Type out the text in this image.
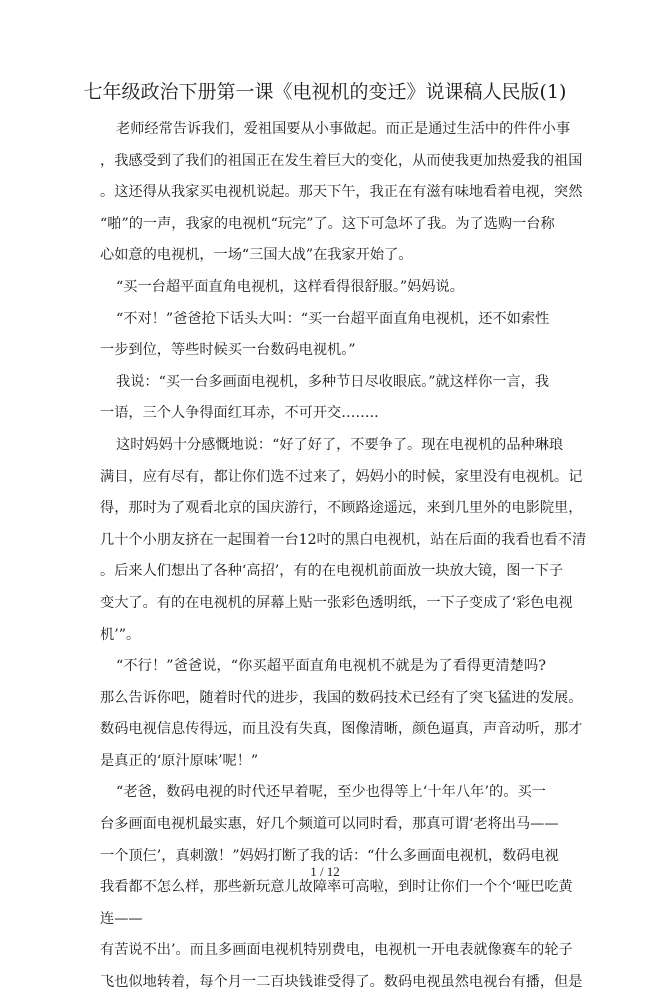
七年级政治下册第一课《电视机的变迁》说课稿人民版(1)
老师经常告诉我们，爱祖国要从小事做起。而正是通过生活中的件件小事
，我感受到了我们的祖国正在发生着巨大的变化，从而使我更加热爱我的祖国
。这还得从我家买电视机说起。那天下午，我正在有滋有味地看着电视，突然
“啪”的一声，我家的电视机“玩完”了。这下可急坏了我。为了选购一台称
心如意的电视机，一场“三国大战”在我家开始了。
“买一台超平面直角电视机，这样看得很舒服。”妈妈说。
“不对！”爸爸抢下话头大叫：“买一台超平面直角电视机，还不如索性
一步到位，等些时候买一台数码电视机。”
我说：“买一台多画面电视机，多种节日尽收眼底。”就这样你一言，我
一语，三个人争得面红耳赤，不可开交……..
这时妈妈十分感慨地说：“好了好了，不要争了。现在电视机的品种琳琅
满目，应有尽有，都让你们选不过来了，妈妈小的时候，家里没有电视机。记
得，那时为了观看北京的国庆游行，不顾路途遥远，来到几里外的电影院里，
几十个小朋友挤在一起围着一台12吋的黑白电视机，站在后面的我看也看不清
。后来人们想出了各种‘高招’，有的在电视机前面放一块放大镜，图一下子
变大了。有的在电视机的屏幕上贴一张彩色透明纸，一下子变成了‘彩色电视
机’”。
“不行！”爸爸说，“你买超平面直角电视机不就是为了看得更清楚吗?
那么告诉你吧，随着时代的进步，我国的数码技术已经有了突飞猛进的发展。
数码电视信息传得远，而且没有失真，图像清晰，颜色逼真，声音动听，那才
是真正的‘原汁原味’呢！”
“老爸，数码电视的时代还早着呢，至少也得等上‘十年八年’的。买一
台多画面电视机最实惠，好几个频道可以同时看，那真可谓‘老将出马——
一个顶仨’，真刺激！”妈妈打断了我的话：“什么多画面电视机，数码电视
我看都不怎么样，那些新玩意儿故障率可高啦，到时让你们一个个‘哑巴吃黄
连——
有苦说不出’。而且多画面电视机特别费电，电视机一开电表就像赛车的轮子
飞也似地转着，每个月一二百块钱谁受得了。数码电视虽然电视台有播，但是
1 / 12
